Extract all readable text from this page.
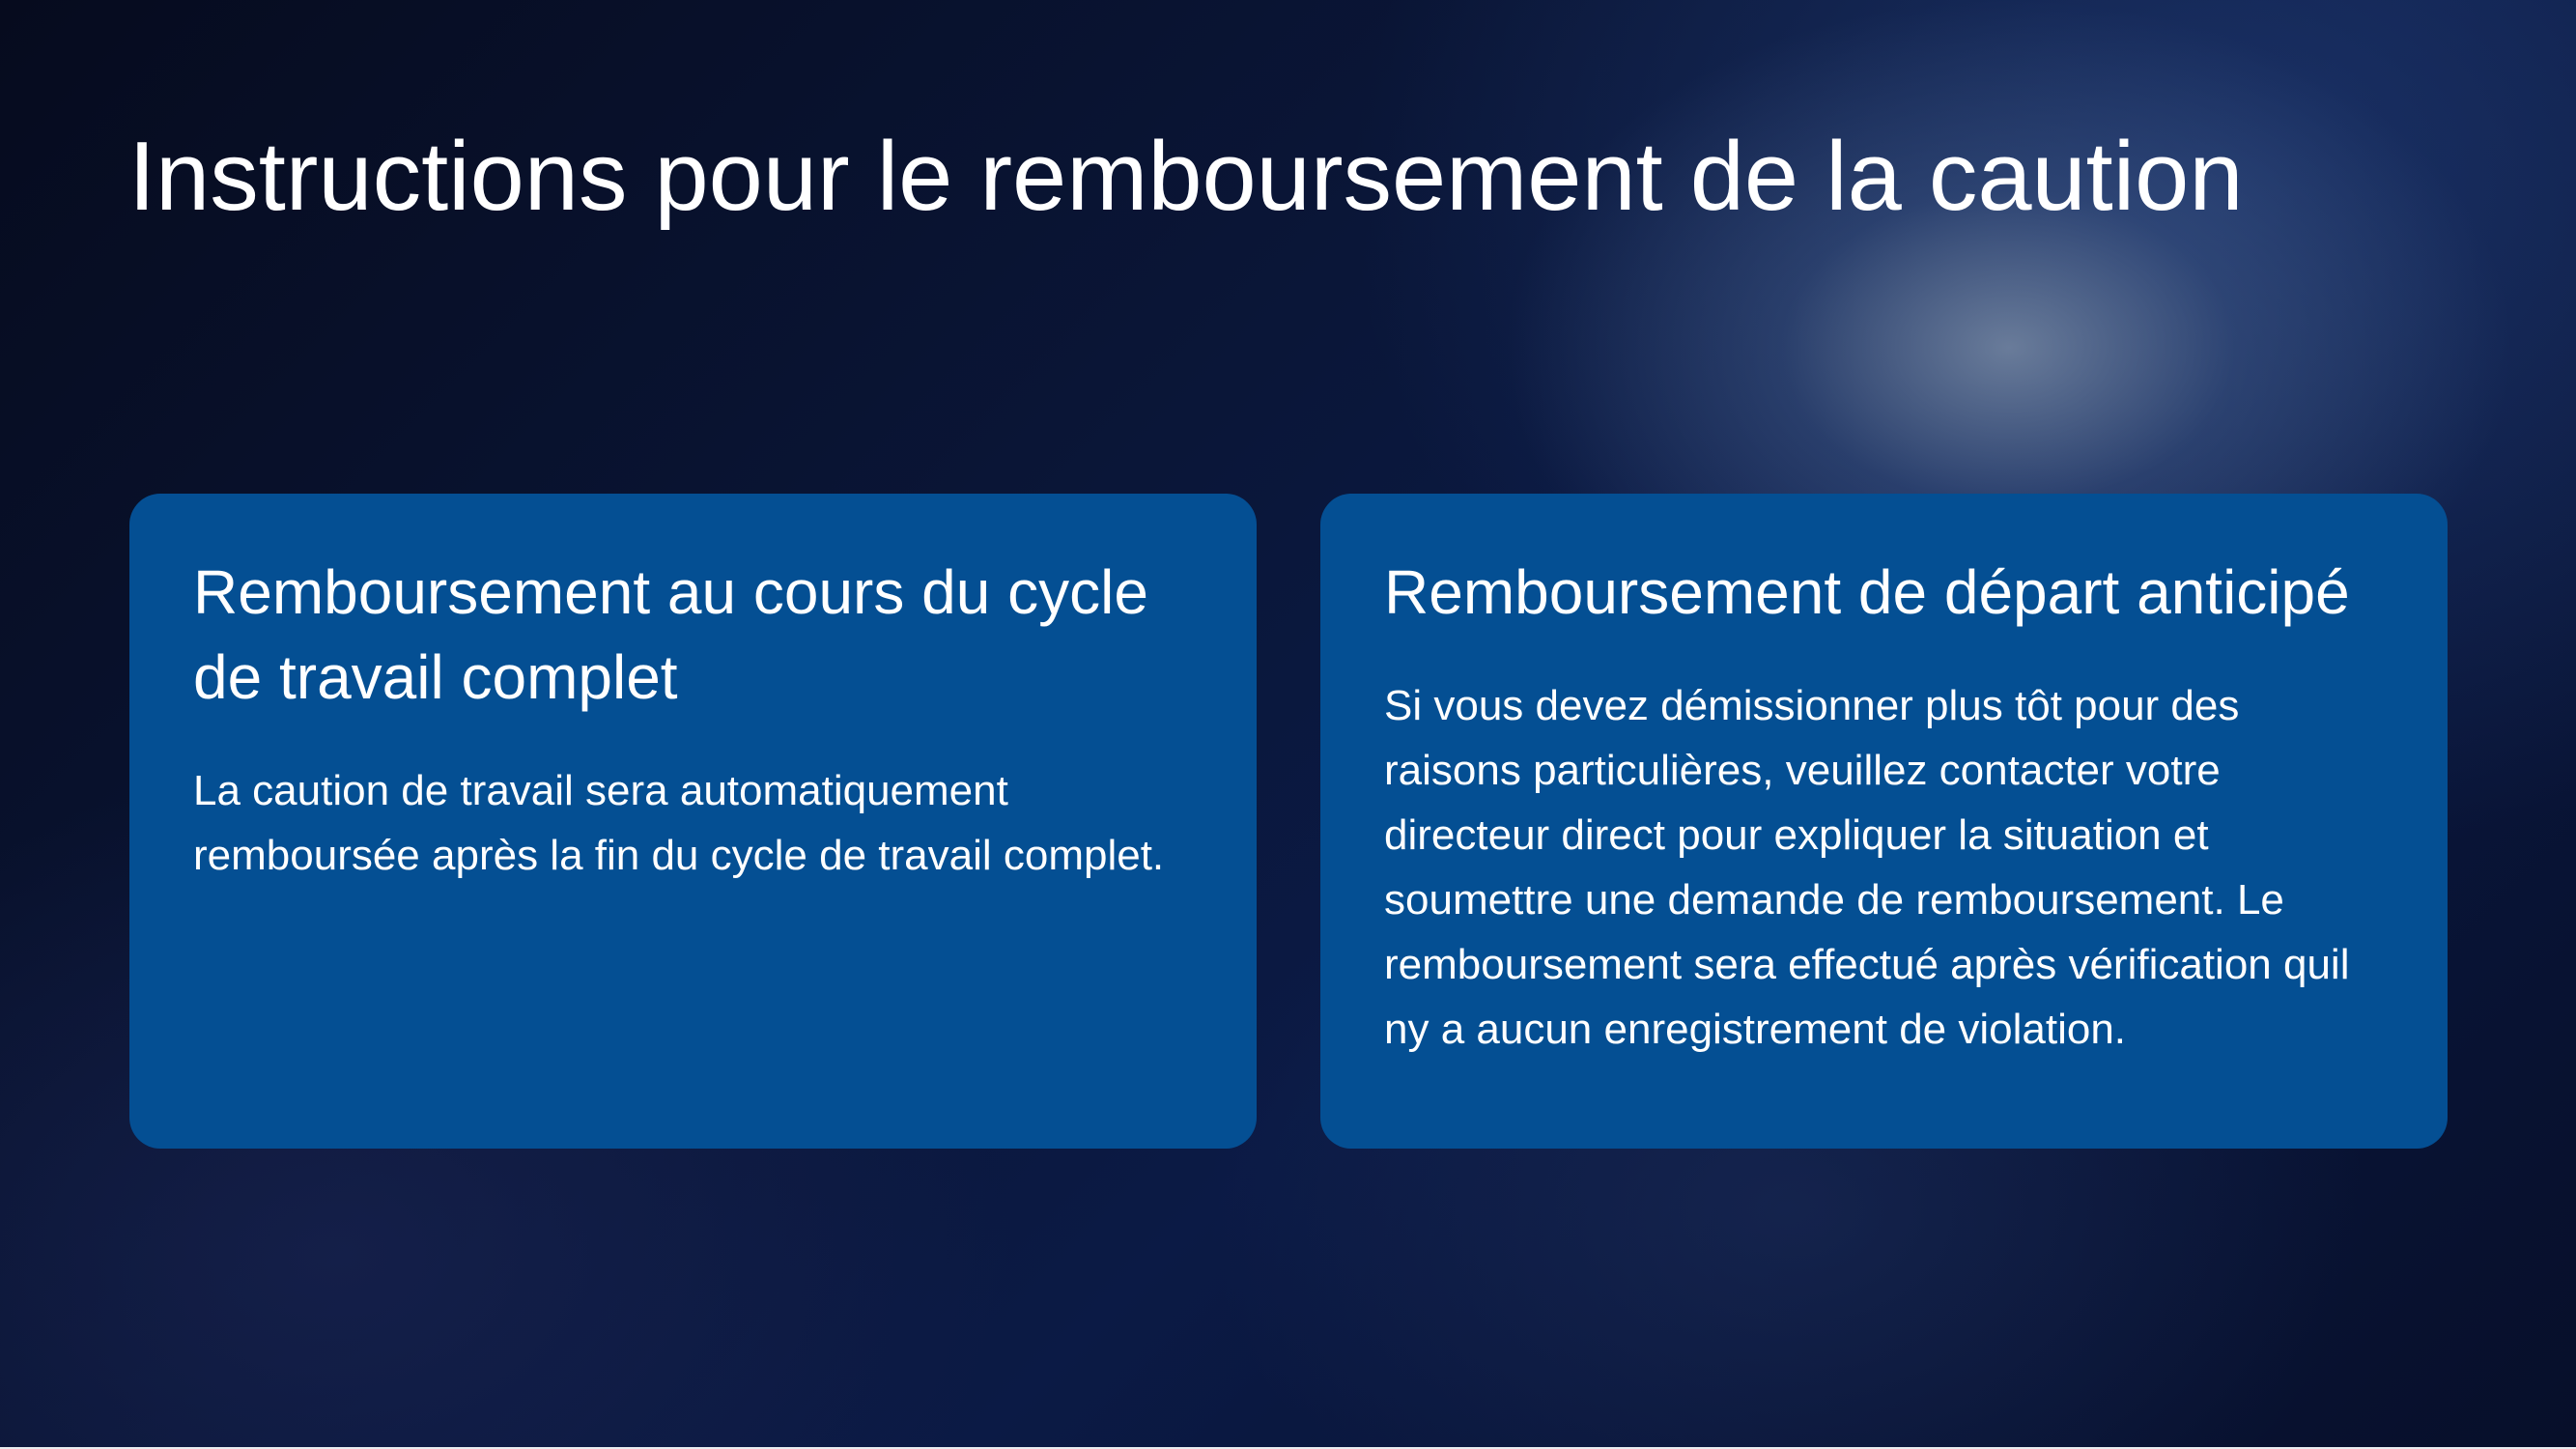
Instructions pour le remboursement de la caution
Remboursement au cours du cycle de travail complet

La caution de travail sera automatiquement remboursée après la fin du cycle de travail complet.

Remboursement de départ anticipé

Si vous devez démissionner plus tôt pour des raisons particulières, veuillez contacter votre directeur direct pour expliquer la situation et soumettre une demande de remboursement. Le remboursement sera effectué après vérification quil ny a aucun enregistrement de violation.
